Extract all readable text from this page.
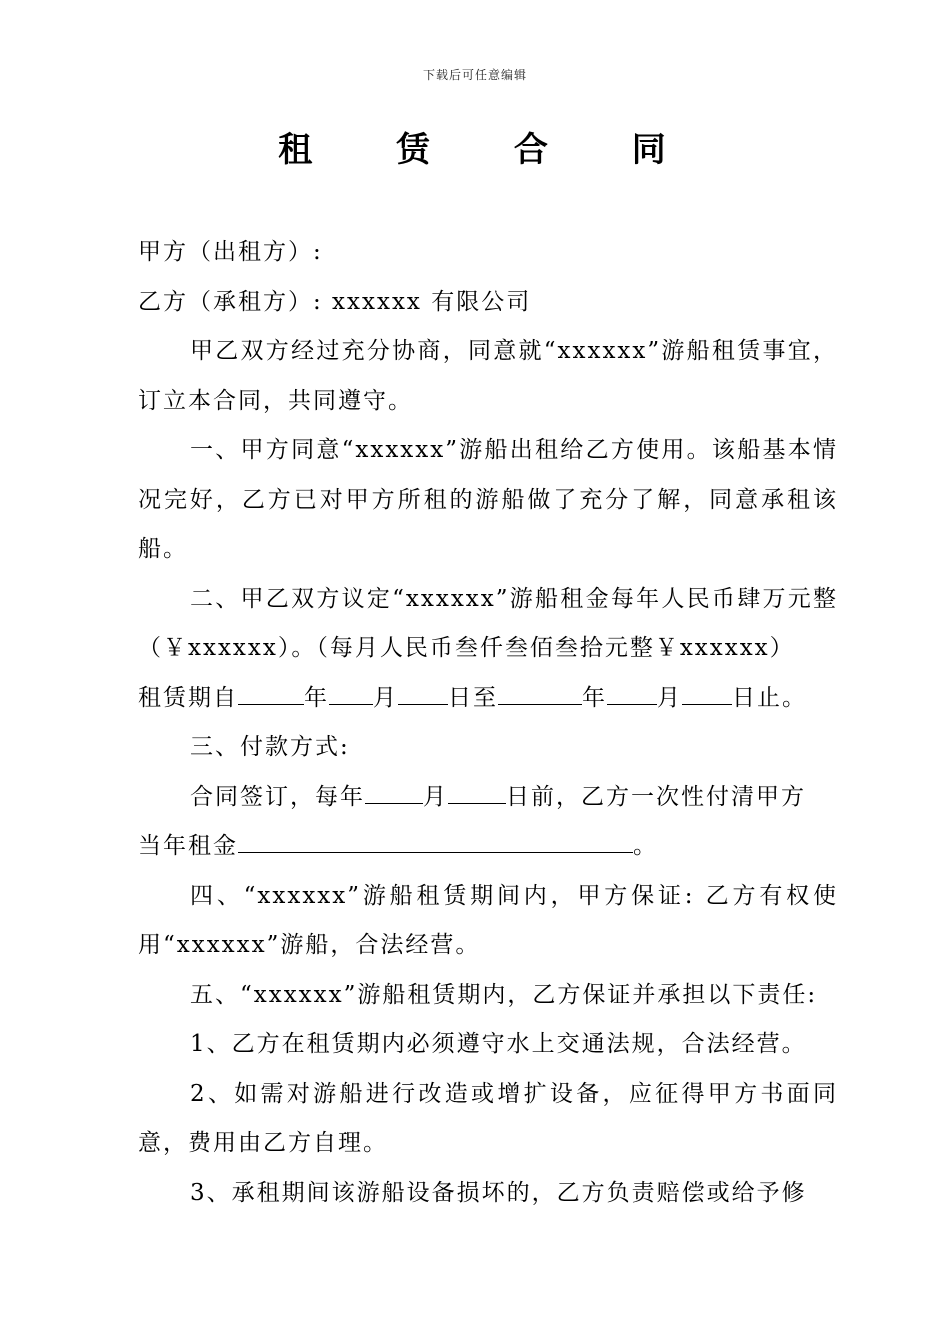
下载后可任意编辑
租 赁 合 同

甲方（出租方）:

乙方（承租方）: xxxxxx 有限公司

甲乙双方经过充分协商，同意就“xxxxxx”游船租赁事宜，订立本合同，共同遵守。

一、甲方同意“xxxxxx”游船出租给乙方使用。该船基本情况完好，乙方已对甲方所租的游船做了充分了解，同意承租该船。

二、甲乙双方议定“xxxxxx”游船租金每年人民币肆万元整（￥xxxxxx）。（每月人民币叁仟叁佰叁拾元整￥xxxxxx）
租赁期自	年 月 日至	年 月 日止。

三、付款方式:

合同签订，每年	月	日前，乙方一次性付清甲方
当年租金	。

四、“xxxxxx”游船租赁期间内，甲方保证: 乙方有权使用“xxxxxx”游船，合法经营。

五、“xxxxxx”游船租赁期内，乙方保证并承担以下责任:

1、乙方在租赁期内必须遵守水上交通法规，合法经营。

2、如需对游船进行改造或增扩设备，应征得甲方书面同意，费用由乙方自理。

3、承租期间该游船设备损坏的，乙方负责赔偿或给予修
